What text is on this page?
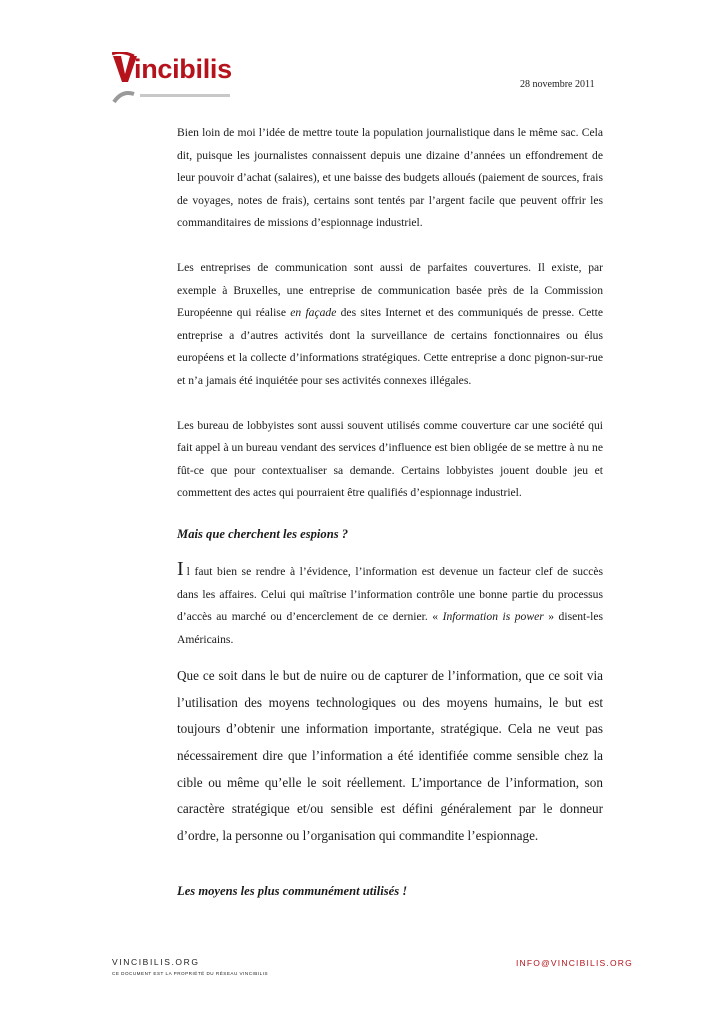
incibilis
28 novembre 2011

Bien loin de moi l’idée de mettre toute la population journalistique dans le même sac. Cela dit, puisque les journalistes connaissent depuis une dizaine d’années un effondrement de leur pouvoir d’achat (salaires), et une baisse des budgets alloués (paiement de sources, frais de voyages, notes de frais), certains sont tentés par l’argent facile que peuvent offrir les commanditaires de missions d’espionnage industriel.

Les entreprises de communication sont aussi de parfaites couvertures. Il existe, par exemple à Bruxelles, une entreprise de communication basée près de la Commission Européenne qui réalise en façade des sites Internet et des communiqués de presse. Cette entreprise a d’autres activités dont la surveillance de certains fonctionnaires ou élus européens et la collecte d’informations stratégiques. Cette entreprise a donc pignon-sur-rue et n’a jamais été inquiétée pour ses activités connexes illégales.

Les bureau de lobbyistes sont aussi souvent utilisés comme couverture car une société qui fait appel à un bureau vendant des services d’influence est bien obligée de se mettre à nu ne fût-ce que pour contextualiser sa demande. Certains lobbyistes jouent double jeu et commettent des actes qui pourraient être qualifiés d’espionnage industriel.

Mais que cherchent les espions ?

Il faut bien se rendre à l’évidence, l’information est devenue un facteur clef de succès dans les affaires. Celui qui maîtrise l’information contrôle une bonne partie du processus d’accès au marché ou d’encerclement de ce dernier. « Information is power » disent-les Américains.

Que ce soit dans le but de nuire ou de capturer de l’information, que ce soit via l’utilisation des moyens technologiques ou des moyens humains, le but est toujours d’obtenir une information importante, stratégique. Cela ne veut pas nécessairement dire que l’information a été identifiée comme sensible chez la cible ou même qu’elle le soit réellement. L’importance de l’information, son caractère stratégique et/ou sensible est défini généralement par le donneur d’ordre, la personne ou l’organisation qui commandite l’espionnage.

Les moyens les plus communément utilisés !

VINCIBILIS.ORG
CE DOCUMENT EST LA PROPRIÉTÉ DU RÉSEAU VINCIBILIS
INFO@VINCIBILIS.ORG
